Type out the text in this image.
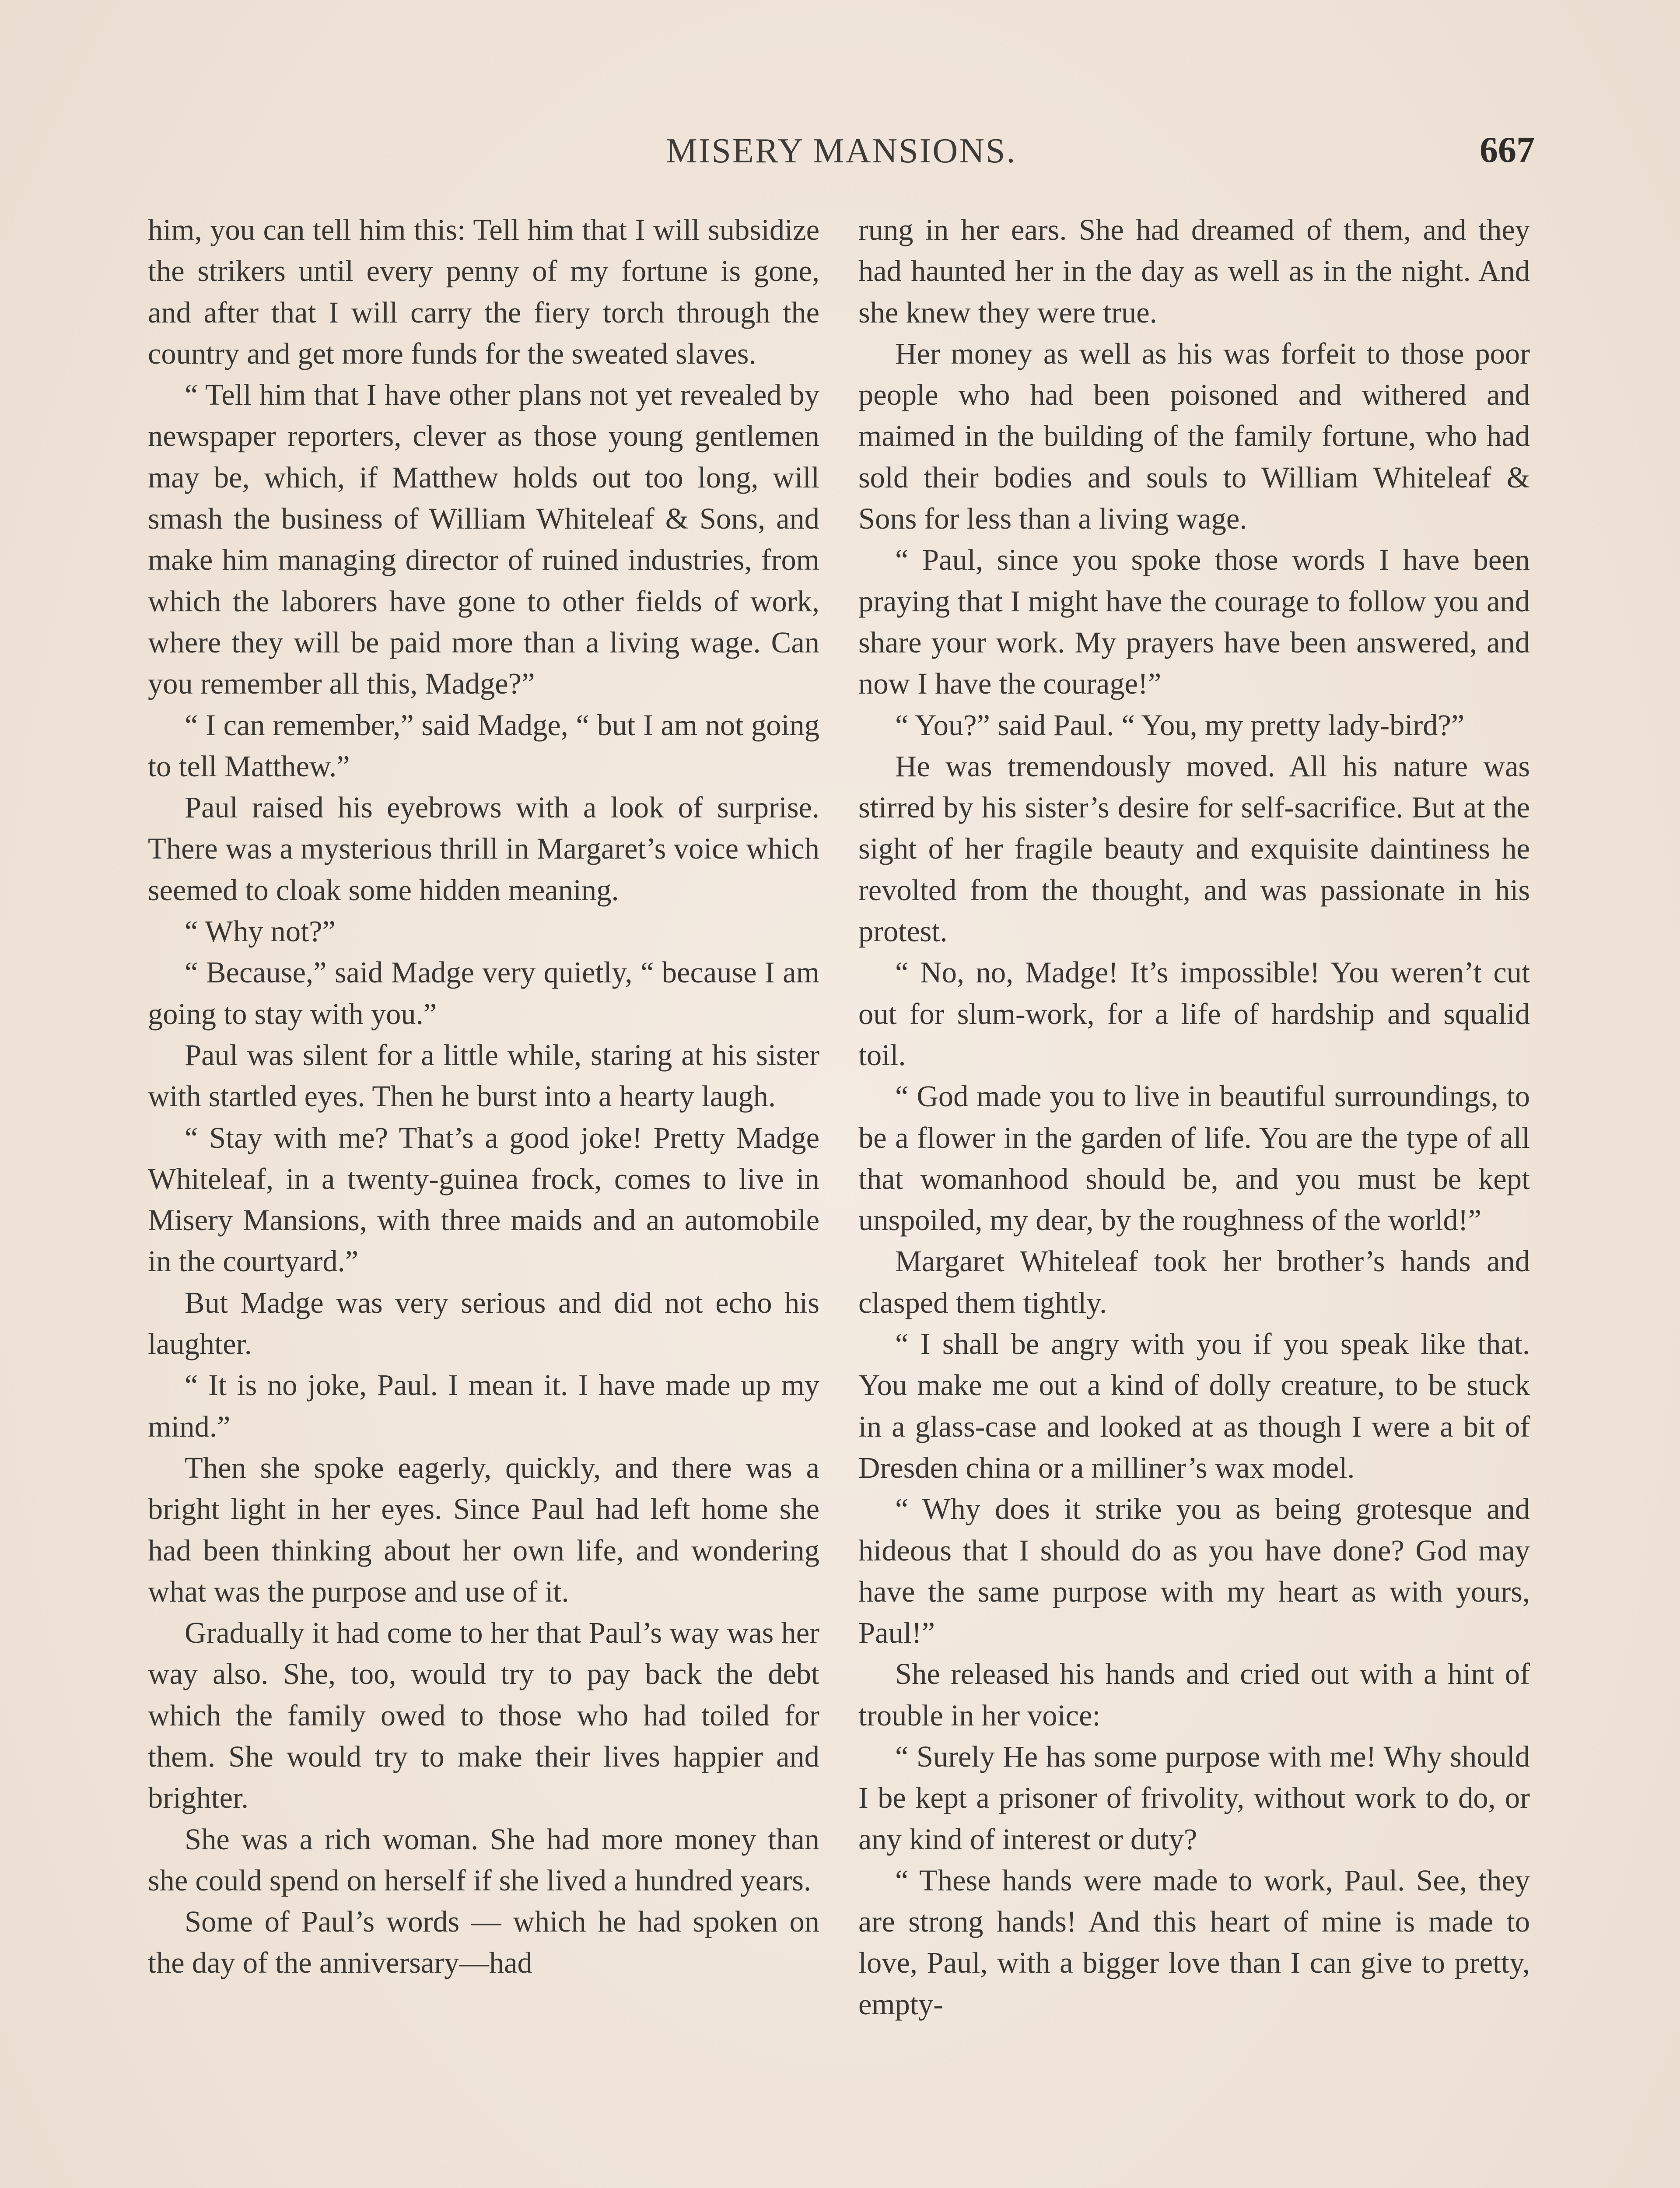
MISERY MANSIONS.	667

him, you can tell him this: Tell him that I will subsidize the strikers until every penny of my fortune is gone, and after that I will carry the fiery torch through the country and get more funds for the sweated slaves.

“ Tell him that I have other plans not yet revealed by newspaper reporters, clever as those young gentlemen may be, which, if Matthew holds out too long, will smash the business of William Whiteleaf & Sons, and make him managing director of ruined industries, from which the laborers have gone to other fields of work, where they will be paid more than a living wage. Can you remember all this, Madge?”

“ I can remember,” said Madge, “ but I am not going to tell Matthew.”

Paul raised his eyebrows with a look of surprise. There was a mysterious thrill in Margaret’s voice which seemed to cloak some hidden meaning.

“ Why not?”

“ Because,” said Madge very quietly, “ because I am going to stay with you.”

Paul was silent for a little while, staring at his sister with startled eyes. Then he burst into a hearty laugh.

“ Stay with me? That’s a good joke! Pretty Madge Whiteleaf, in a twenty-guinea frock, comes to live in Misery Mansions, with three maids and an automobile in the courtyard.”

But Madge was very serious and did not echo his laughter.

“ It is no joke, Paul. I mean it. I have made up my mind.”

Then she spoke eagerly, quickly, and there was a bright light in her eyes. Since Paul had left home she had been thinking about her own life, and wondering what was the purpose and use of it.

Gradually it had come to her that Paul’s way was her way also. She, too, would try to pay back the debt which the family owed to those who had toiled for them. She would try to make their lives happier and brighter.

She was a rich woman. She had more money than she could spend on herself if she lived a hundred years.

Some of Paul’s words — which he had spoken on the day of the anniversary—had

rung in her ears. She had dreamed of them, and they had haunted her in the day as well as in the night. And she knew they were true.

Her money as well as his was forfeit to those poor people who had been poisoned and withered and maimed in the building of the family fortune, who had sold their bodies and souls to William Whiteleaf & Sons for less than a living wage.

“ Paul, since you spoke those words I have been praying that I might have the courage to follow you and share your work. My prayers have been answered, and now I have the courage!”

“ You?” said Paul. “ You, my pretty lady-bird?”

He was tremendously moved. All his nature was stirred by his sister’s desire for self-sacrifice. But at the sight of her fragile beauty and exquisite daintiness he revolted from the thought, and was passionate in his protest.

“ No, no, Madge! It’s impossible! You weren’t cut out for slum-work, for a life of hardship and squalid toil.

“ God made you to live in beautiful surroundings, to be a flower in the garden of life. You are the type of all that womanhood should be, and you must be kept unspoiled, my dear, by the roughness of the world!”

Margaret Whiteleaf took her brother’s hands and clasped them tightly.

“ I shall be angry with you if you speak like that. You make me out a kind of dolly creature, to be stuck in a glass-case and looked at as though I were a bit of Dresden china or a milliner’s wax model.

“ Why does it strike you as being grotesque and hideous that I should do as you have done? God may have the same purpose with my heart as with yours, Paul!”

She released his hands and cried out with a hint of trouble in her voice:

“ Surely He has some purpose with me! Why should I be kept a prisoner of frivolity, without work to do, or any kind of interest or duty?

“ These hands were made to work, Paul. See, they are strong hands! And this heart of mine is made to love, Paul, with a bigger love than I can give to pretty, empty-
